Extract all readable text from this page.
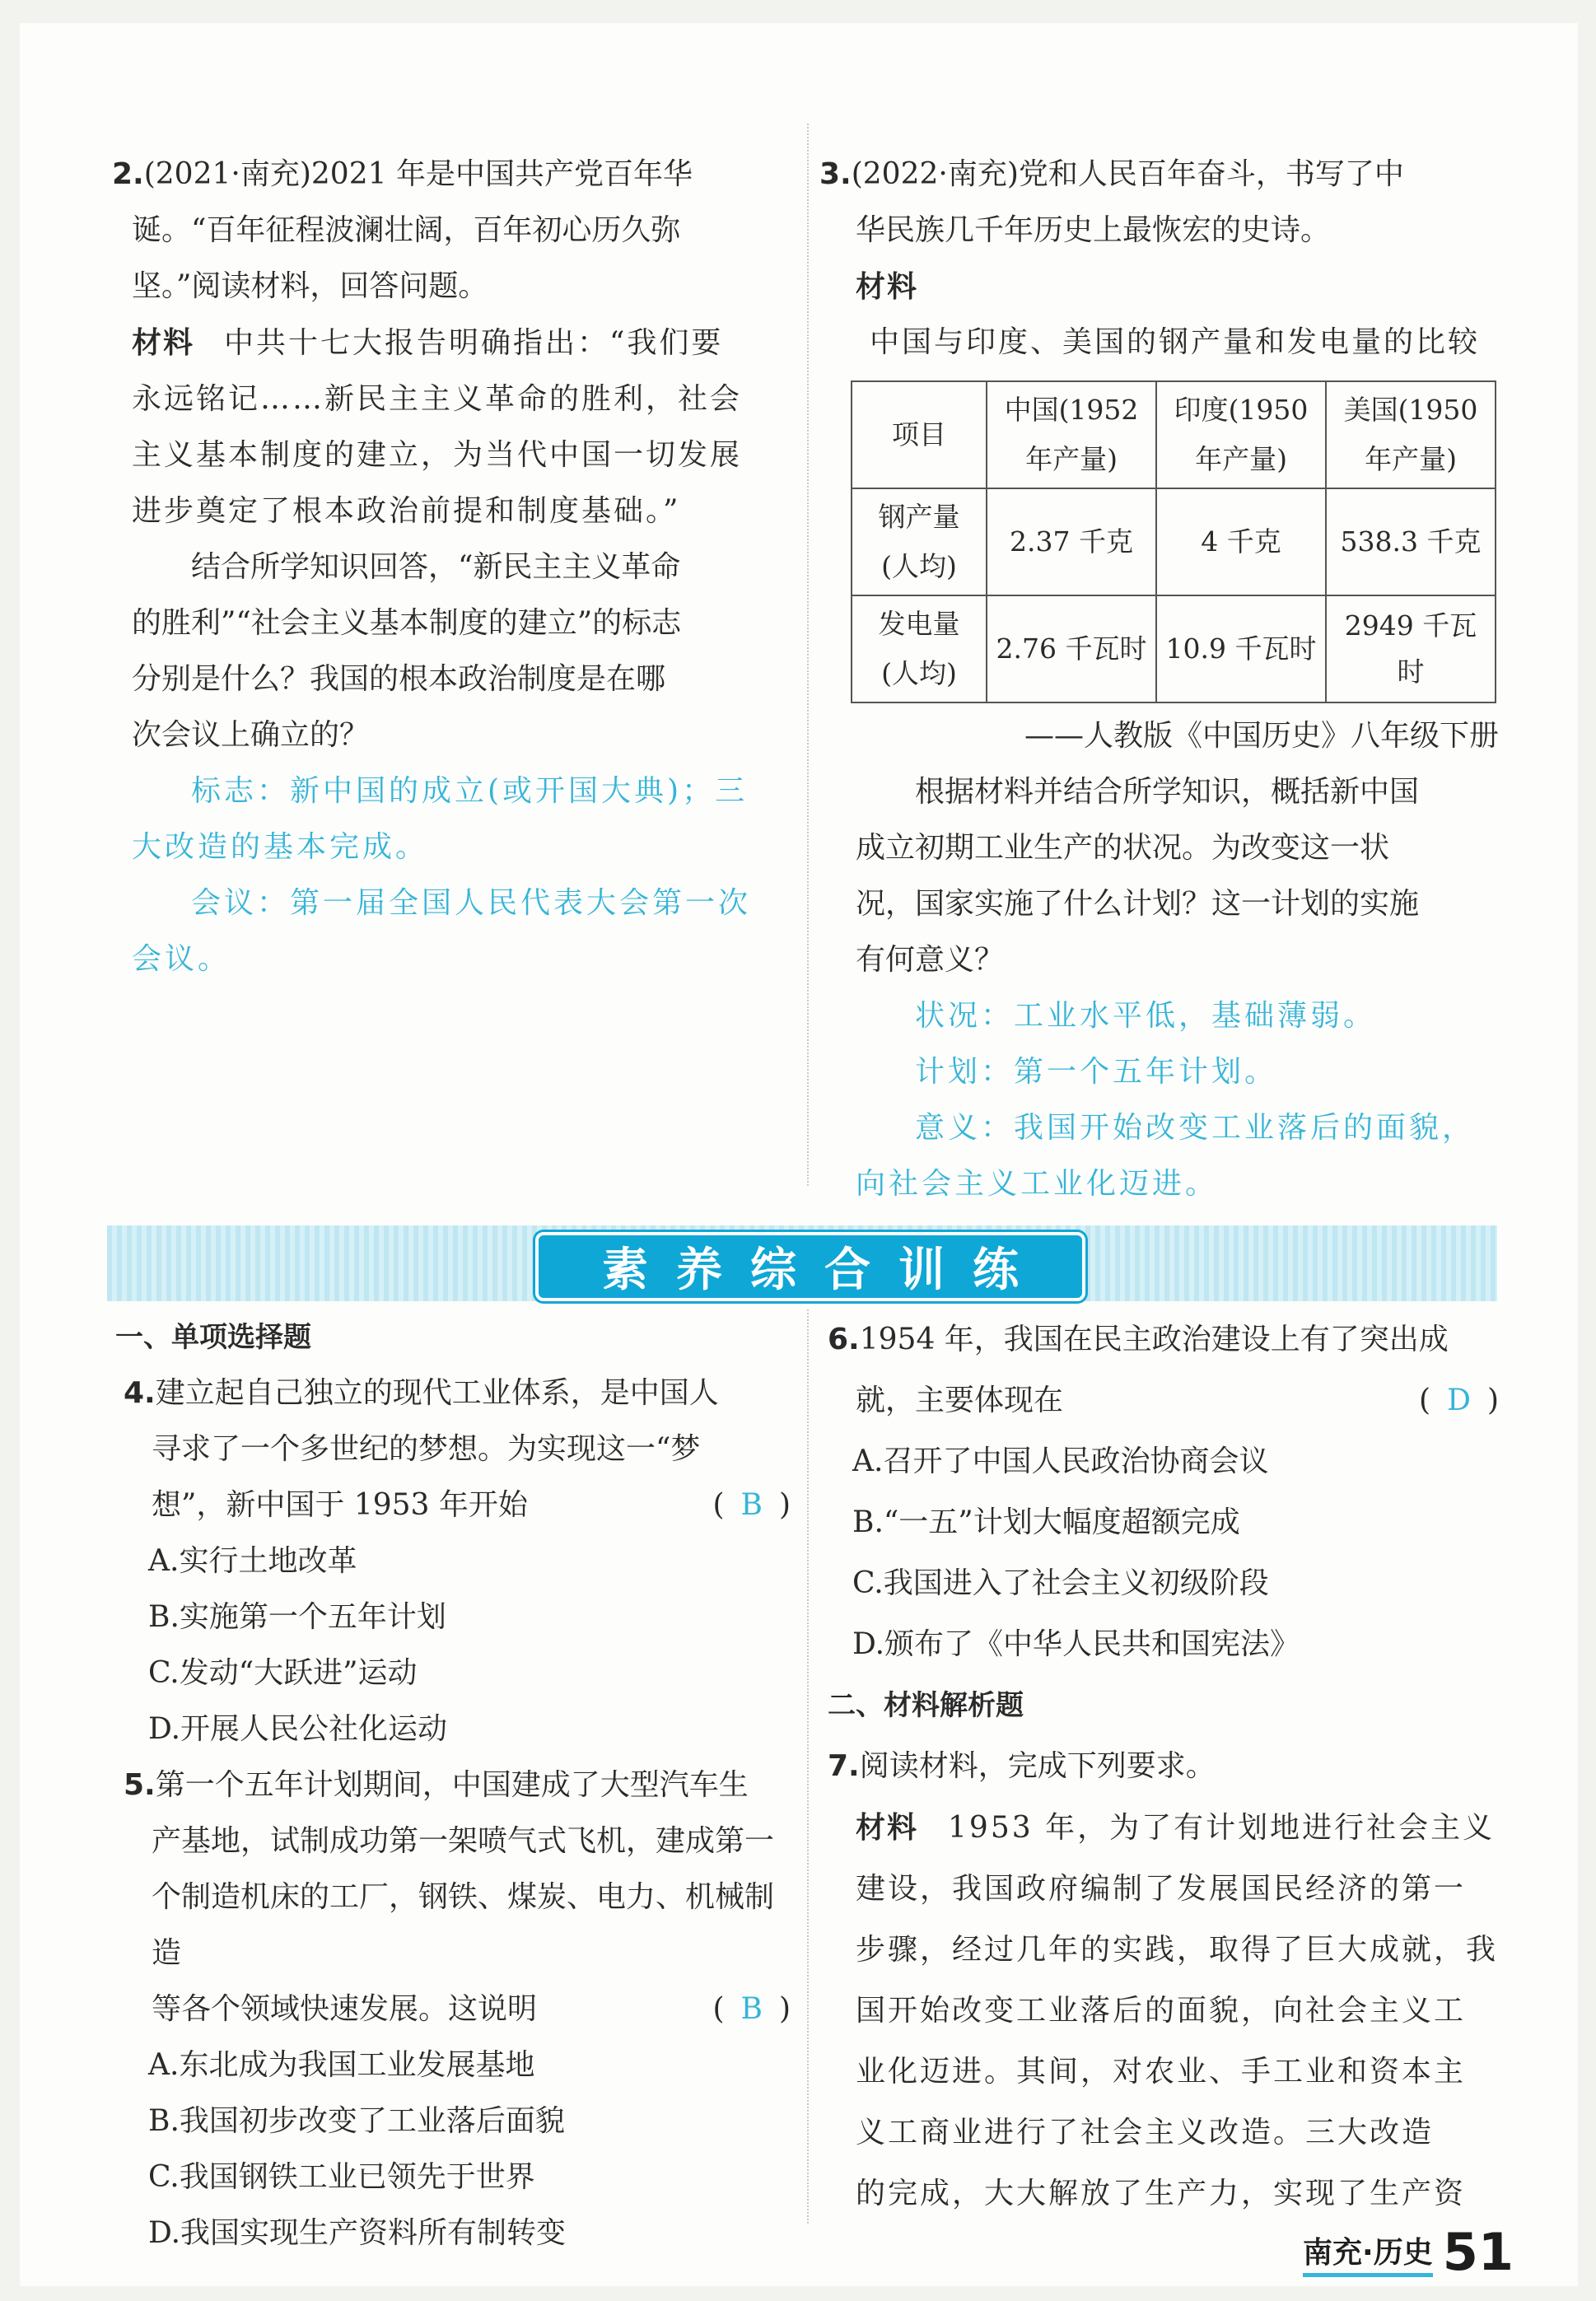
2.(2021·南充)2021 年是中国共产党百年华

诞。“百年征程波澜壮阔，百年初心历久弥

坚。”阅读材料，回答问题。

材料 中共十七大报告明确指出：“我们要

永远铭记……新民主主义革命的胜利，社会

主义基本制度的建立，为当代中国一切发展

进步奠定了根本政治前提和制度基础。”

结合所学知识回答，“新民主主义革命

的胜利”“社会主义基本制度的建立”的标志

分别是什么？我国的根本政治制度是在哪

次会议上确立的？

标志：新中国的成立(或开国大典)；三

大改造的基本完成。

会议：第一届全国人民代表大会第一次

会议。

3.(2022·南充)党和人民百年奋斗，书写了中

华民族几千年历史上最恢宏的史诗。

材料

中国与印度、美国的钢产量和发电量的比较

项目	中国(1952 年产量)	印度(1950 年产量)	美国(1950 年产量)
钢产量 (人均)	2.37 千克	4 千克	538.3 千克
发电量 (人均)	2.76 千瓦时	10.9 千瓦时	2949 千瓦时

——人教版《中国历史》八年级下册

根据材料并结合所学知识，概括新中国

成立初期工业生产的状况。为改变这一状

况，国家实施了什么计划？这一计划的实施

有何意义？

状况：工业水平低，基础薄弱。

计划：第一个五年计划。

意义：我国开始改变工业落后的面貌，

向社会主义工业化迈进。

素养综合训练

一、单项选择题

4.建立起自己独立的现代工业体系，是中国人

寻求了一个多世纪的梦想。为实现这一“梦

想”，新中国于 1953 年开始	( B )

A.实行土地改革

B.实施第一个五年计划

C.发动“大跃进”运动

D.开展人民公社化运动

5.第一个五年计划期间，中国建成了大型汽车生

产基地，试制成功第一架喷气式飞机，建成第一

个制造机床的工厂，钢铁、煤炭、电力、机械制造

等各个领域快速发展。这说明	( B )

A.东北成为我国工业发展基地

B.我国初步改变了工业落后面貌

C.我国钢铁工业已领先于世界

D.我国实现生产资料所有制转变

6.1954 年，我国在民主政治建设上有了突出成

就，主要体现在	( D )

A.召开了中国人民政治协商会议

B.“一五”计划大幅度超额完成

C.我国进入了社会主义初级阶段

D.颁布了《中华人民共和国宪法》

二、材料解析题

7.阅读材料，完成下列要求。

材料 1953 年，为了有计划地进行社会主义

建设，我国政府编制了发展国民经济的第一

步骤，经过几年的实践，取得了巨大成就，我

国开始改变工业落后的面貌，向社会主义工

业化迈进。其间，对农业、手工业和资本主

义工商业进行了社会主义改造。三大改造

的完成，大大解放了生产力，实现了生产资

南充·历史 51
